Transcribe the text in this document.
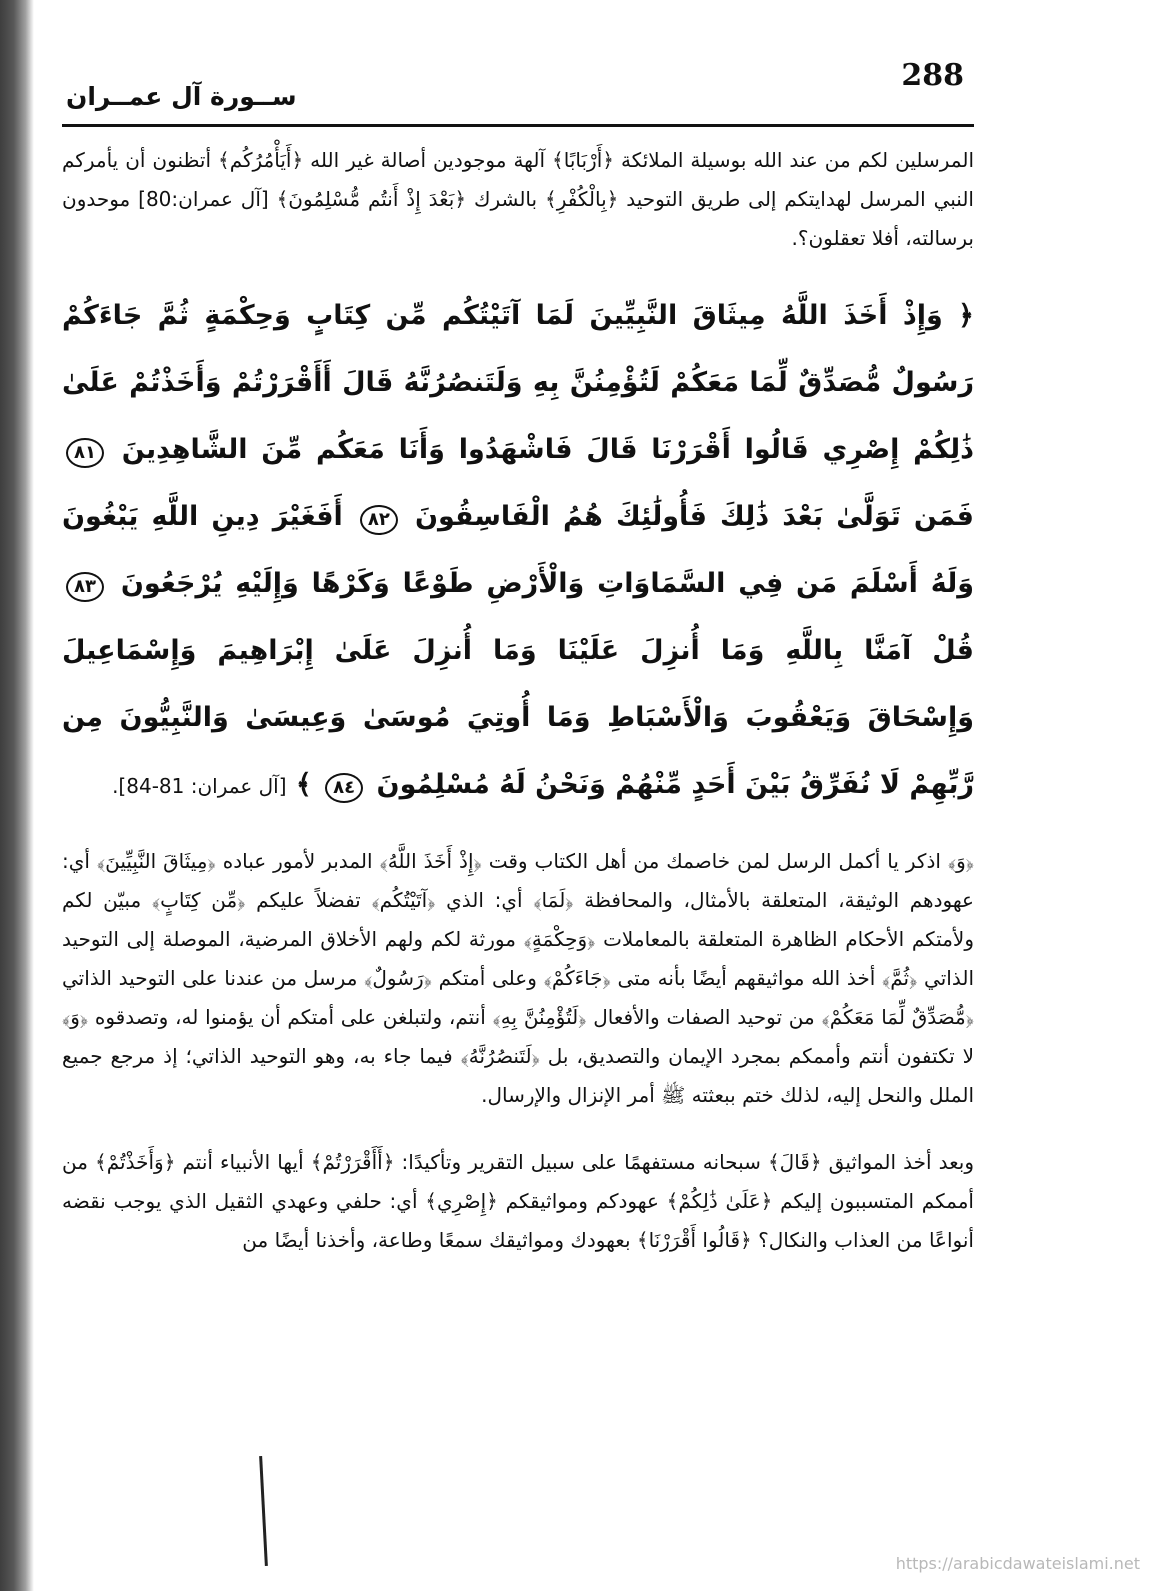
288
ســورة آل عمــران

المرسلين لكم من عند الله بوسيلة الملائكة ﴿أَرْبَابًا﴾ آلهة موجودين أصالة غير الله ﴿أَيَأْمُرُكُم﴾ أتظنون أن يأمركم النبي المرسل لهدايتكم إلى طريق التوحيد ﴿بِالْكُفْرِ﴾ بالشرك ﴿بَعْدَ إِذْ أَنتُم مُّسْلِمُونَ﴾ [آل عمران:80] موحدون برسالته، أفلا تعقلون؟.

﴿ وَإِذْ أَخَذَ اللَّهُ مِيثَاقَ النَّبِيِّينَ لَمَا آتَيْتُكُم مِّن كِتَابٍ وَحِكْمَةٍ ثُمَّ جَاءَكُمْ رَسُولٌ مُّصَدِّقٌ لِّمَا مَعَكُمْ لَتُؤْمِنُنَّ بِهِ وَلَتَنصُرُنَّهُ قَالَ أَأَقْرَرْتُمْ وَأَخَذْتُمْ عَلَىٰ ذَٰلِكُمْ إِصْرِي قَالُوا أَقْرَرْنَا قَالَ فَاشْهَدُوا وَأَنَا مَعَكُم مِّنَ الشَّاهِدِينَ ٨١ فَمَن تَوَلَّىٰ بَعْدَ ذَٰلِكَ فَأُولَٰئِكَ هُمُ الْفَاسِقُونَ ٨٢ أَفَغَيْرَ دِينِ اللَّهِ يَبْغُونَ وَلَهُ أَسْلَمَ مَن فِي السَّمَاوَاتِ وَالْأَرْضِ طَوْعًا وَكَرْهًا وَإِلَيْهِ يُرْجَعُونَ ٨٣ قُلْ آمَنَّا بِاللَّهِ وَمَا أُنزِلَ عَلَيْنَا وَمَا أُنزِلَ عَلَىٰ إِبْرَاهِيمَ وَإِسْمَاعِيلَ وَإِسْحَاقَ وَيَعْقُوبَ وَالْأَسْبَاطِ وَمَا أُوتِيَ مُوسَىٰ وَعِيسَىٰ وَالنَّبِيُّونَ مِن رَّبِّهِمْ لَا نُفَرِّقُ بَيْنَ أَحَدٍ مِّنْهُمْ وَنَحْنُ لَهُ مُسْلِمُونَ ٨٤ ﴾ [آل عمران: 81-84].

﴿وَ﴾ اذكر يا أكمل الرسل لمن خاصمك من أهل الكتاب وقت ﴿إِذْ أَخَذَ اللَّهُ﴾ المدبر لأمور عباده ﴿مِيثَاقَ النَّبِيِّينَ﴾ أي: عهودهم الوثيقة، المتعلقة بالأمثال، والمحافظة ﴿لَمَا﴾ أي: الذي ﴿آتَيْتُكُم﴾ تفضلاً عليكم ﴿مِّن كِتَابٍ﴾ مبيّن لكم ولأمتكم الأحكام الظاهرة المتعلقة بالمعاملات ﴿وَحِكْمَةٍ﴾ مورثة لكم ولهم الأخلاق المرضية، الموصلة إلى التوحيد الذاتي ﴿ثُمَّ﴾ أخذ الله مواثيقهم أيضًا بأنه متى ﴿جَاءَكُمْ﴾ وعلى أمتكم ﴿رَسُولٌ﴾ مرسل من عندنا على التوحيد الذاتي ﴿مُّصَدِّقٌ لِّمَا مَعَكُمْ﴾ من توحيد الصفات والأفعال ﴿لَتُؤْمِنُنَّ بِهِ﴾ أنتم، ولتبلغن على أمتكم أن يؤمنوا له، وتصدقوه ﴿وَ﴾ لا تكتفون أنتم وأممكم بمجرد الإيمان والتصديق، بل ﴿لَتَنصُرُنَّهُ﴾ فيما جاء به، وهو التوحيد الذاتي؛ إذ مرجع جميع الملل والنحل إليه، لذلك ختم ببعثته ﷺ أمر الإنزال والإرسال.

وبعد أخذ المواثيق ﴿قَالَ﴾ سبحانه مستفهمًا على سبيل التقرير وتأكيدًا: ﴿أَأَقْرَرْتُمْ﴾ أيها الأنبياء أنتم ﴿وَأَخَذْتُمْ﴾ من أممكم المتسببون إليكم ﴿عَلَىٰ ذَٰلِكُمْ﴾ عهودكم ومواثيقكم ﴿إِصْرِي﴾ أي: حلفي وعهدي الثقيل الذي يوجب نقضه أنواعًا من العذاب والنكال؟ ﴿قَالُوا أَقْرَرْنَا﴾ بعهودك ومواثيقك سمعًا وطاعة، وأخذنا أيضًا من

https://arabicdawateislami.net
